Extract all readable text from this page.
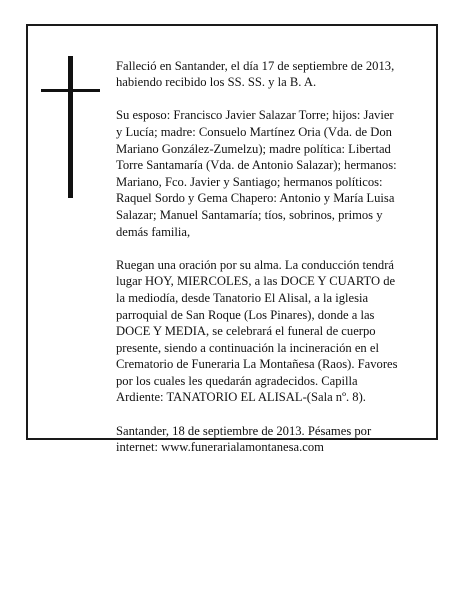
Falleció en Santander, el día 17 de septiembre de 2013,
habiendo recibido los SS. SS. y la B. A.

Su esposo: Francisco Javier Salazar Torre; hijos: Javier
y Lucía; madre: Consuelo Martínez Oria (Vda. de Don
Mariano González-Zumelzu); madre política: Libertad
Torre Santamaría (Vda. de Antonio Salazar); hermanos:
Mariano, Fco. Javier y Santiago; hermanos políticos:
Raquel Sordo y Gema Chapero: Antonio y María Luisa
Salazar; Manuel Santamaría; tíos, sobrinos, primos y
demás familia,

Ruegan una oración por su alma. La conducción tendrá
lugar HOY, MIERCOLES, a las DOCE Y CUARTO de
la mediodía, desde Tanatorio El Alisal, a la iglesia
parroquial de San Roque (Los Pinares), donde a las
DOCE Y MEDIA, se celebrará el funeral de cuerpo
presente, siendo a continuación la incineración en el
Crematorio de Funeraria La Montañesa (Raos). Favores
por los cuales les quedarán agradecidos. Capilla
Ardiente: TANATORIO EL ALISAL-(Sala nº. 8).

Santander, 18 de septiembre de 2013. Pésames por
internet: www.funerarialamontanesa.com
